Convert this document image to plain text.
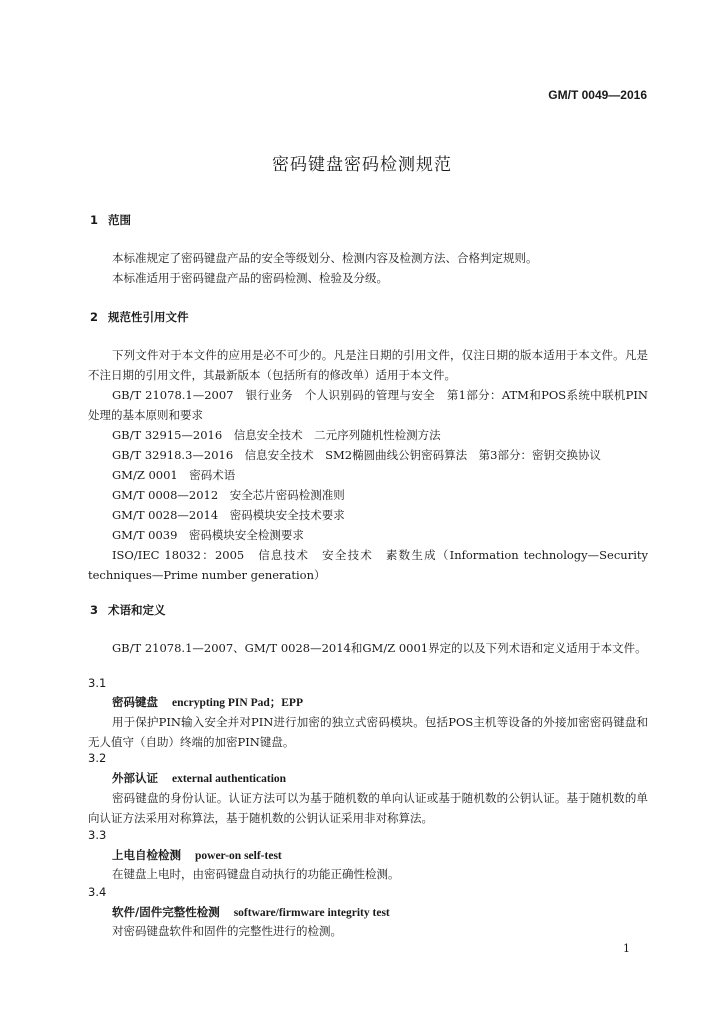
GM/T 0049—2016
密码键盘密码检测规范
1 范围

本标准规定了密码键盘产品的安全等级划分、检测内容及检测方法、合格判定规则。

本标准适用于密码键盘产品的密码检测、检验及分级。

2 规范性引用文件

下列文件对于本文件的应用是必不可少的。凡是注日期的引用文件，仅注日期的版本适用于本文件。凡是不注日期的引用文件，其最新版本（包括所有的修改单）适用于本文件。

GB/T 21078.1—2007　银行业务　个人识别码的管理与安全　第1部分：ATM和POS系统中联机PIN处理的基本原则和要求

GB/T 32915—2016　信息安全技术　二元序列随机性检测方法
GB/T 32918.3—2016　信息安全技术　SM2椭圆曲线公钥密码算法　第3部分：密钥交换协议
GM/Z 0001　密码术语
GM/T 0008—2012　安全芯片密码检测准则
GM/T 0028—2014　密码模块安全技术要求
GM/T 0039　密码模块安全检测要求

ISO/IEC 18032：2005　信息技术　安全技术　素数生成（Information technology—Security techniques—Prime number generation）

3 术语和定义

GB/T 21078.1—2007、GM/T 0028—2014和GM/Z 0001界定的以及下列术语和定义适用于本文件。

3.1
密码键盘 encrypting PIN Pad；EPP

用于保护PIN输入安全并对PIN进行加密的独立式密码模块。包括POS主机等设备的外接加密密码键盘和无人值守（自助）终端的加密PIN键盘。

3.2
外部认证 external authentication

密码键盘的身份认证。认证方法可以为基于随机数的单向认证或基于随机数的公钥认证。基于随机数的单向认证方法采用对称算法，基于随机数的公钥认证采用非对称算法。

3.3
上电自检检测 power-on self-test

在键盘上电时，由密码键盘自动执行的功能正确性检测。

3.4
软件/固件完整性检测 software/firmware integrity test

对密码键盘软件和固件的完整性进行的检测。

1
